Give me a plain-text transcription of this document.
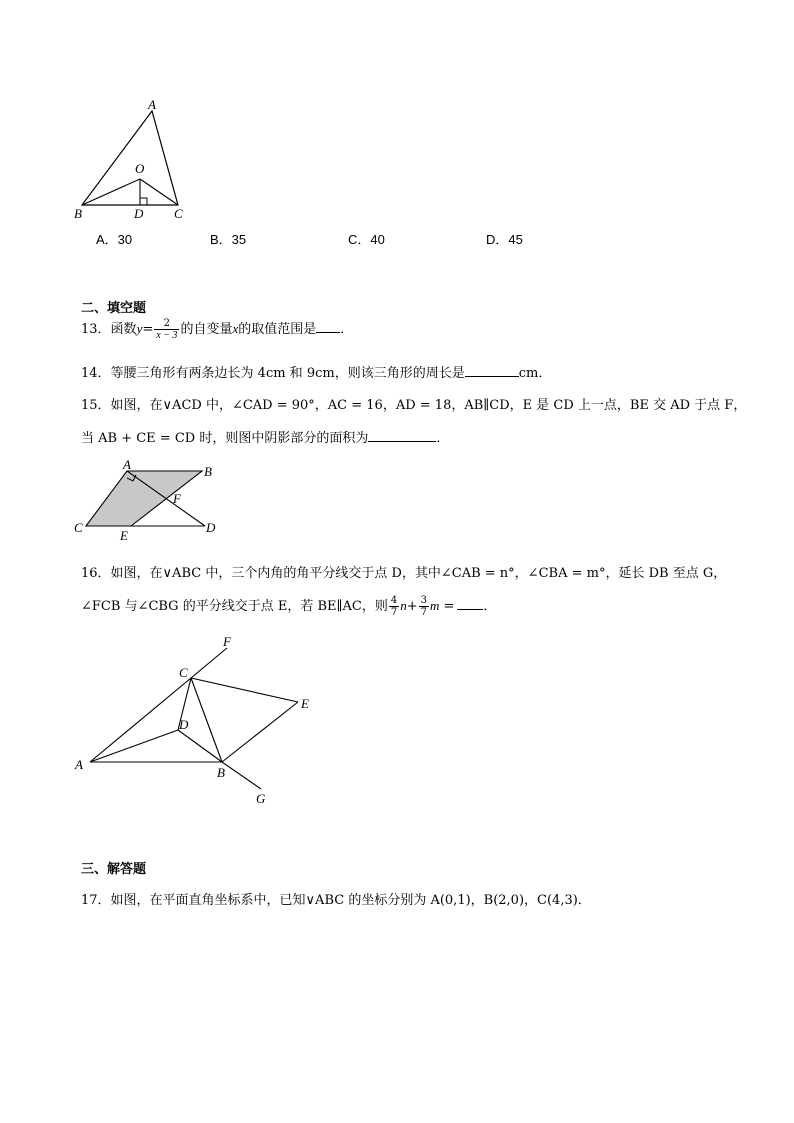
A
O
B	D C
A．30	B．35	C．40	D．45
二、填空题
13．函数$y= \frac{2}{x - 3}$ 的自变量x的取值范围是 ．
14．等腰三角形有两条边长为 4cm 和 9cm，则该三角形的周长是	cm．
15．如图，在∨ACD 中，∠CAD = 90°，AC = 16，AD = 18，AB∥CD，E 是 CD 上一点，BE 交 AD 于点 F，
当 AB + CE = CD 时，则图中阴影部分的面积为	．
A	B
F
C
E
D
16．如图，在∨ABC 中，三个内角的角平分线交于点 D，其中∠CAB = n°，∠CBA = m°，延长 DB 至点 G，
∠FCB 与∠CBG 的平分线交于点 E，若 BE∥AC，则 $\frac{4}{7} n+ \frac{3}{7}$ m = ．
F
C
E
D
A
B
G
三、解答题
17．如图，在平面直角坐标系中，已知∨ABC 的坐标分别为 A(0,1)，B(2,0)，C(4,3)．
